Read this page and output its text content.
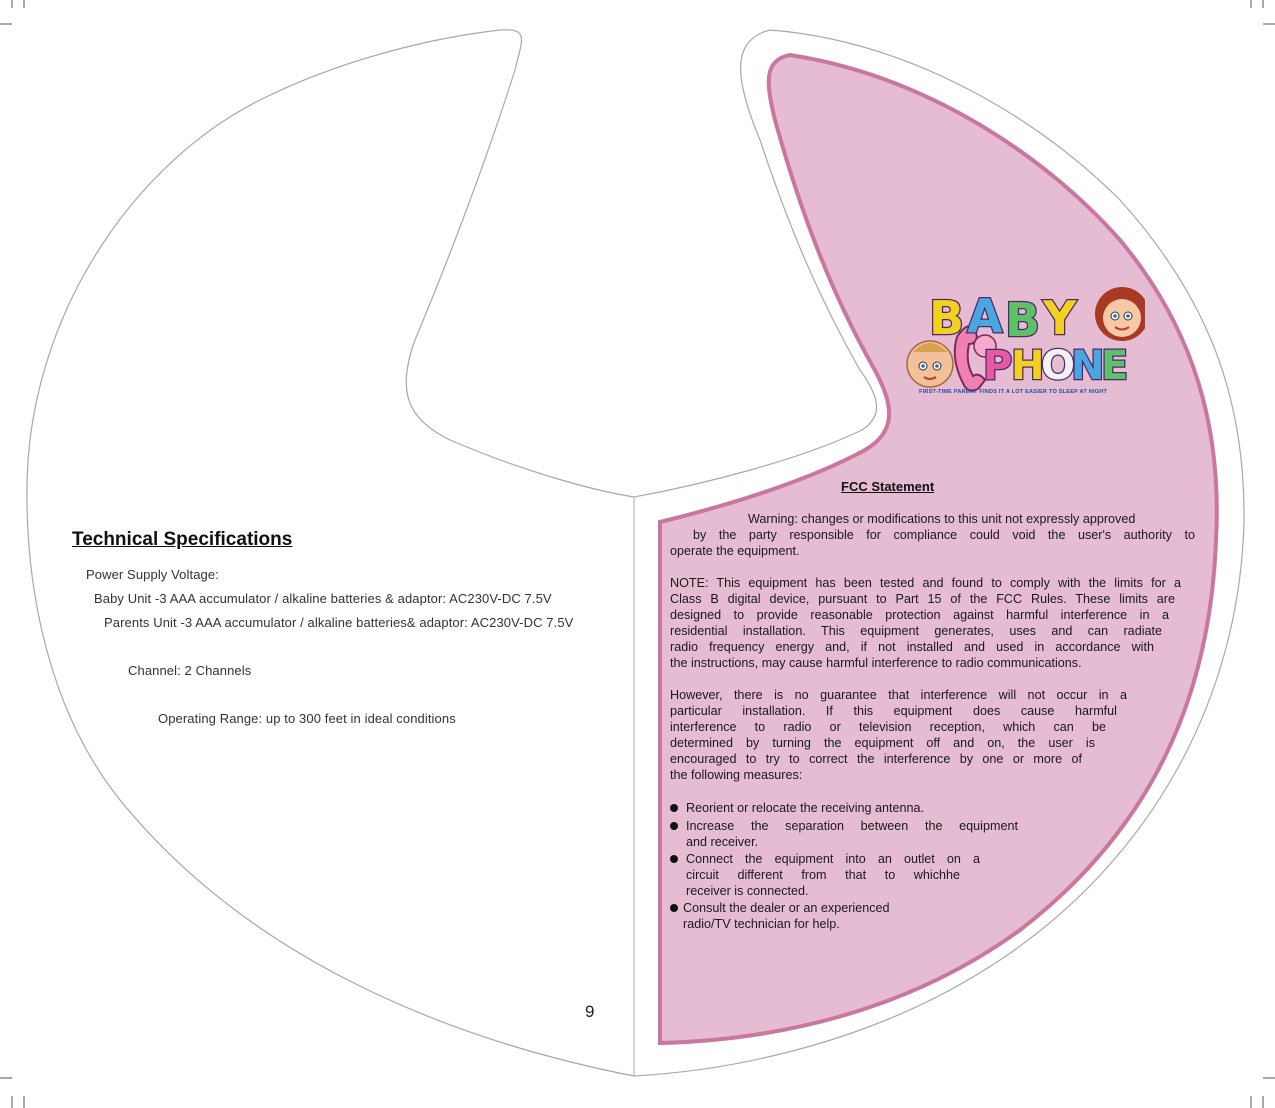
Technical Specifications
Power Supply Voltage:
Baby Unit -3 AAA accumulator / alkaline batteries & adaptor: AC230V-DC 7.5V
Parents Unit -3 AAA accumulator / alkaline batteries& adaptor: AC230V-DC 7.5V
Channel: 2 Channels
Operating Range: up to 300 feet in ideal conditions
9
B A B Y
P
H
O
N
E
FIRST-TIME PARENT FINDS IT A LOT EASIER TO SLEEP AT NIGHT
FCC Statement
Warning: changes or modifications to this unit not expressly approved
by the party responsible for compliance could void the user's authority to
operate the equipment.
NOTE: This equipment has been tested and found to comply with the limits for a
Class B digital device, pursuant to Part 15 of the FCC Rules. These limits are
designed to provide reasonable protection against harmful interference in a
residential installation. This equipment generates, uses and can radiate
radio frequency energy and, if not installed and used in accordance with
the instructions, may cause harmful interference to radio communications.
However, there is no guarantee that interference will not occur in a
particular installation. If this equipment does cause harmful
interference to radio or television reception, which can be
determined by turning the equipment off and on, the user is
encouraged to try to correct the interference by one or more of
the following measures:
Reorient or relocate the receiving antenna.
Increase the separation between the equipment
and receiver.
Connect the equipment into an outlet on a
circuit different from that to whichhe
receiver is connected.
Consult the dealer or an experienced
radio/TV technician for help.
